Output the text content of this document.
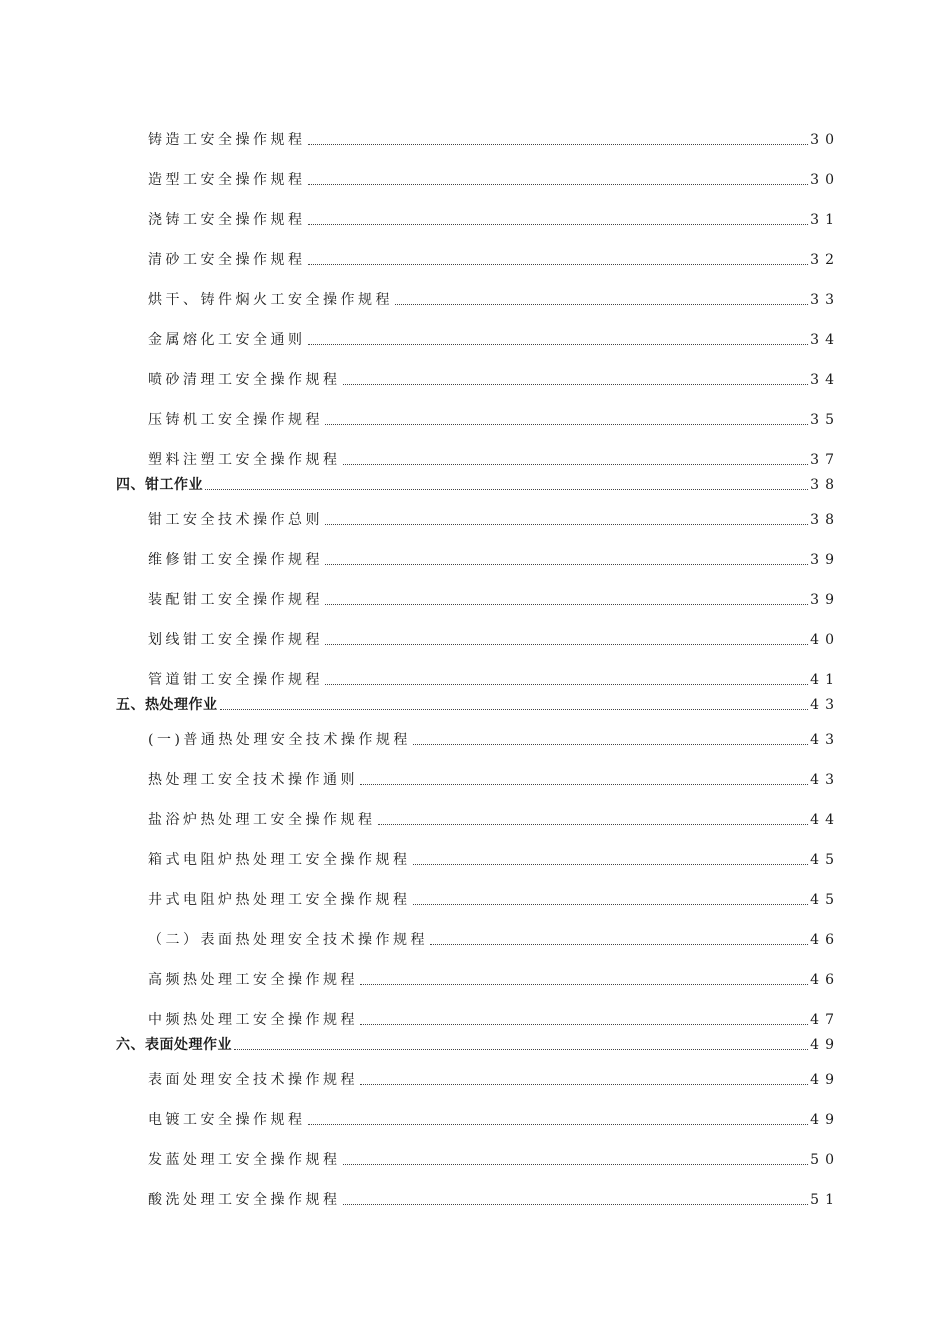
铸造工安全操作规程	30
造型工安全操作规程	30
浇铸工安全操作规程	31
清砂工安全操作规程	32
烘干、铸件焖火工安全操作规程	33
金属熔化工安全通则	34
喷砂清理工安全操作规程	34
压铸机工安全操作规程	35
塑料注塑工安全操作规程	37
四、钳工作业	38
钳工安全技术操作总则	38
维修钳工安全操作规程	39
装配钳工安全操作规程	39
划线钳工安全操作规程	40
管道钳工安全操作规程	41
五、热处理作业	43
(一)普通热处理安全技术操作规程	43
热处理工安全技术操作通则	43
盐浴炉热处理工安全操作规程	44
箱式电阻炉热处理工安全操作规程	45
井式电阻炉热处理工安全操作规程	45
（二）表面热处理安全技术操作规程	46
高频热处理工安全操作规程	46
中频热处理工安全操作规程	47
六、表面处理作业	49
表面处理安全技术操作规程	49
电镀工安全操作规程	49
发蓝处理工安全操作规程	50
酸洗处理工安全操作规程	51
